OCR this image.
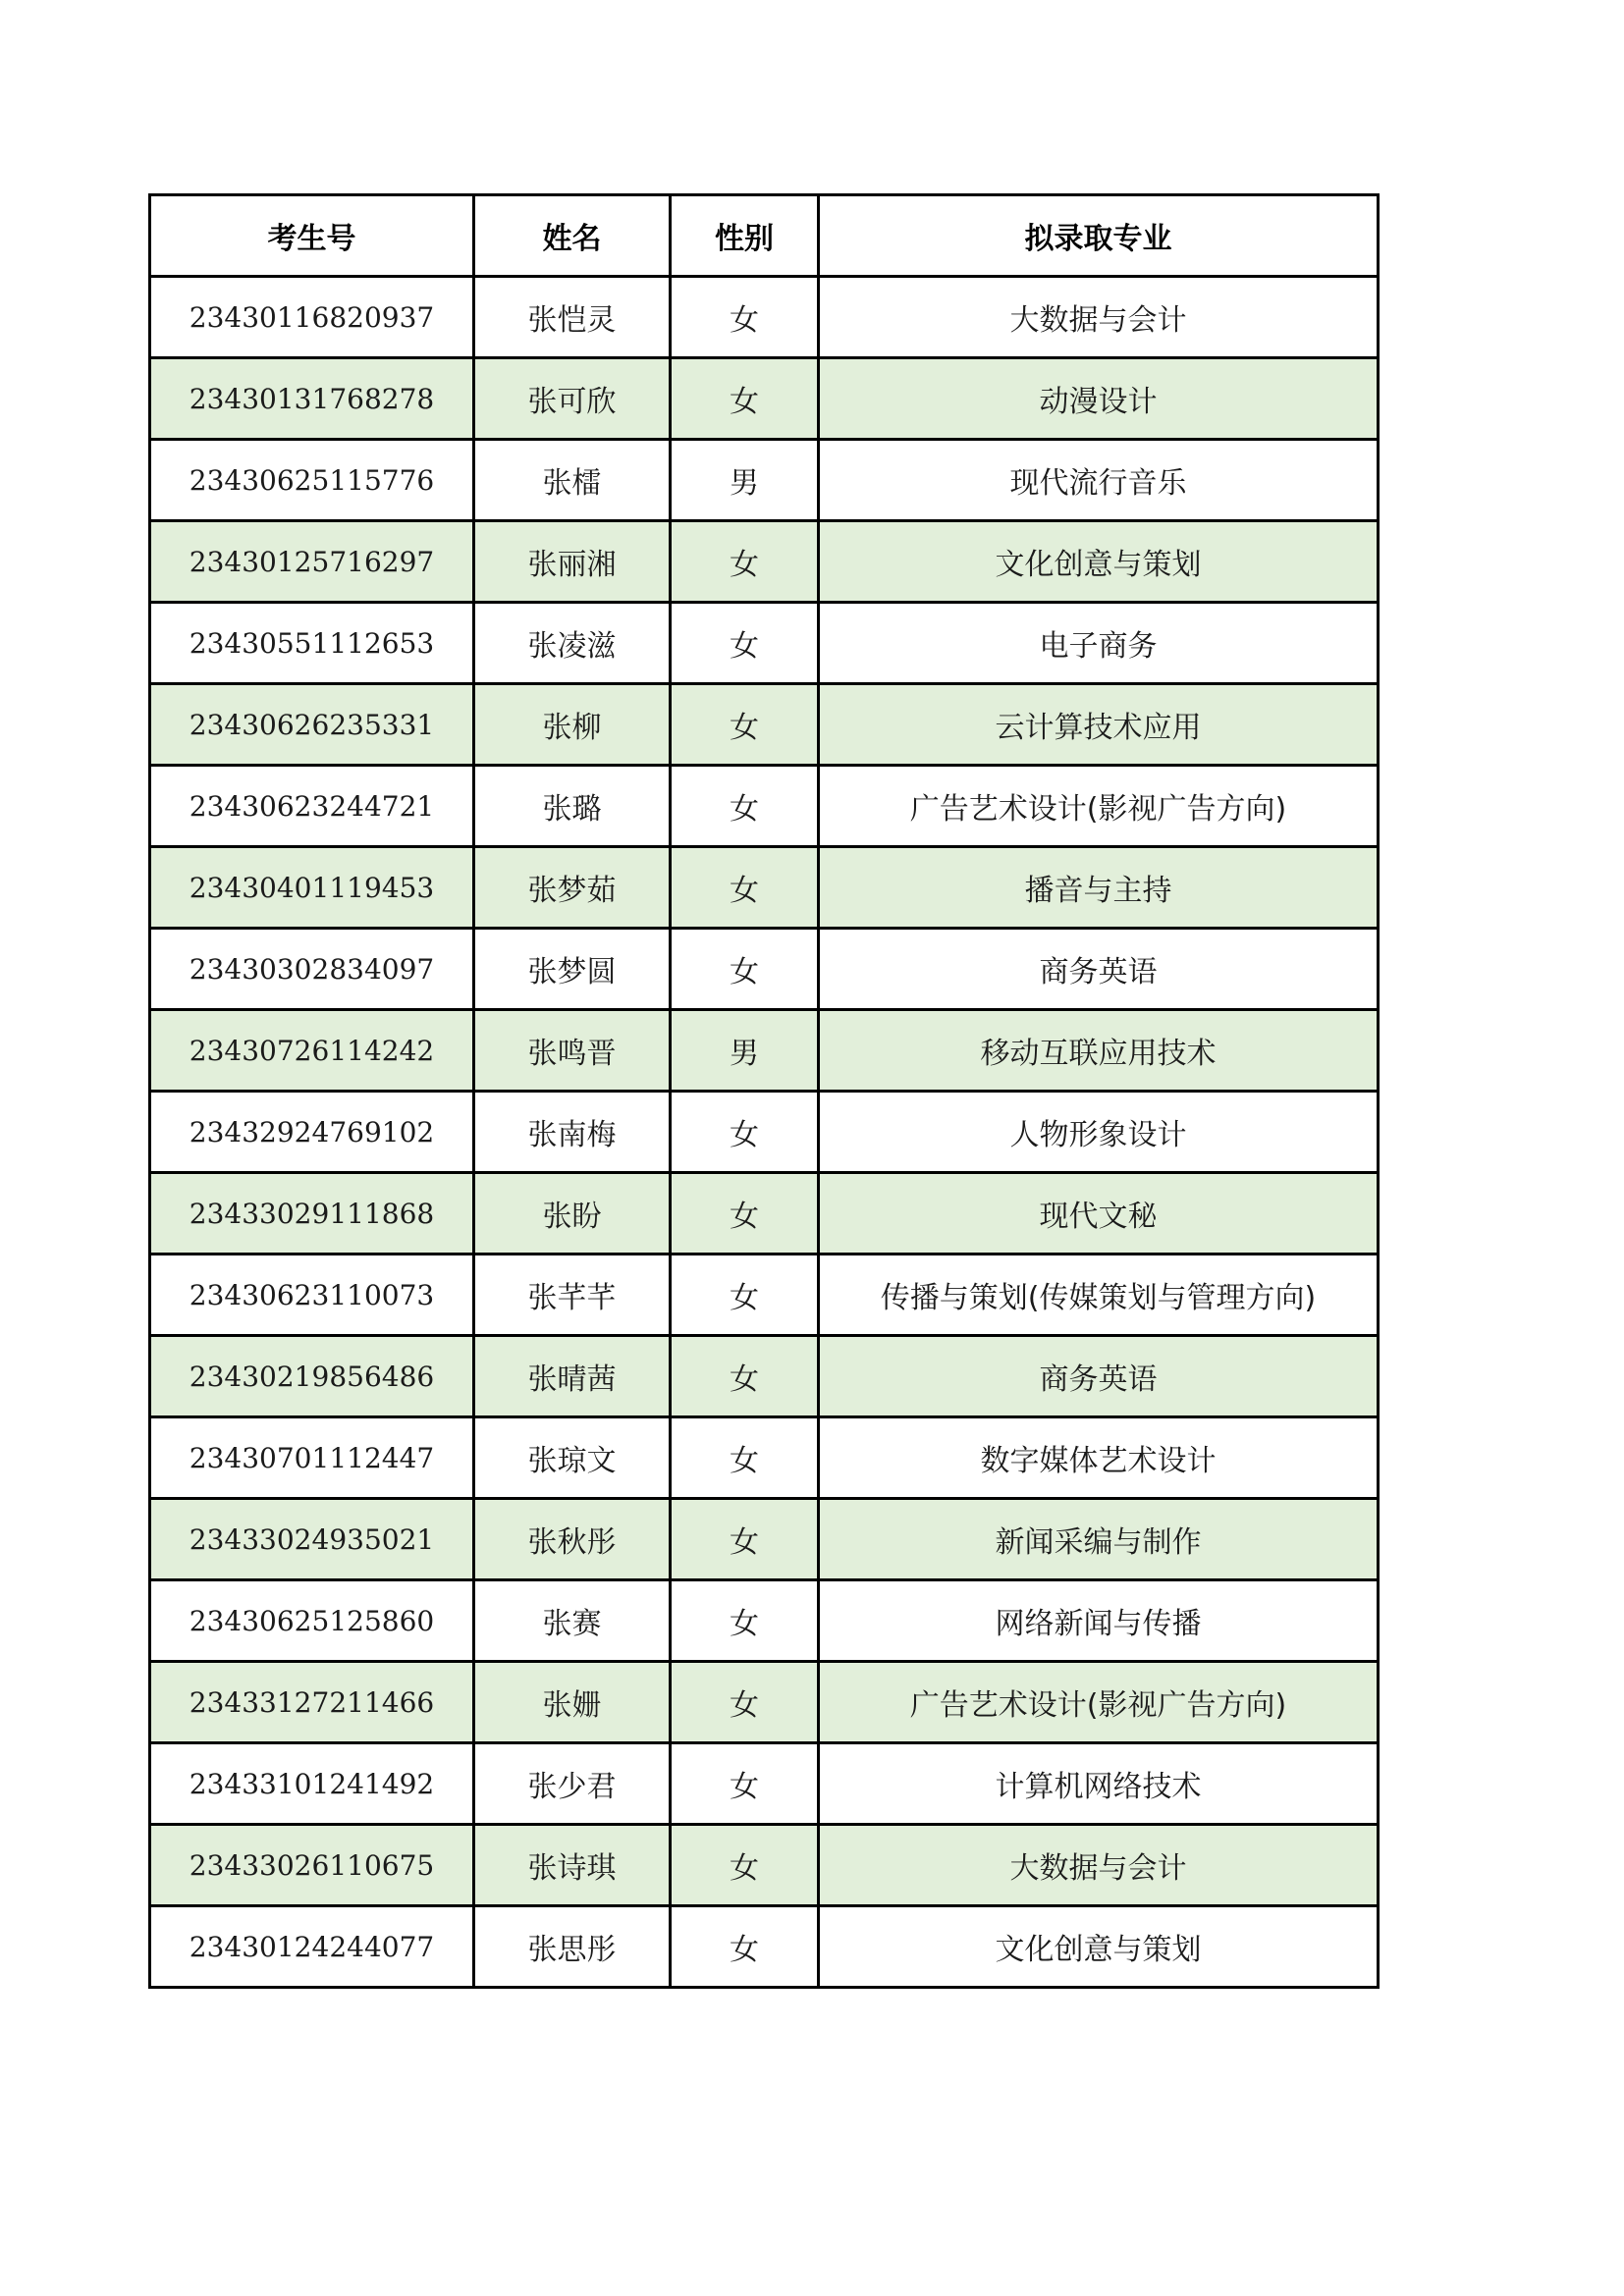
考生号	姓名	性别	拟录取专业
23430116820937	张恺灵	女	大数据与会计
23430131768278	张可欣	女	动漫设计
23430625115776	张檑	男	现代流行音乐
23430125716297	张丽湘	女	文化创意与策划
23430551112653	张凌滋	女	电子商务
23430626235331	张柳	女	云计算技术应用
23430623244721	张璐	女	广告艺术设计(影视广告方向)
23430401119453	张梦茹	女	播音与主持
23430302834097	张梦圆	女	商务英语
23430726114242	张鸣晋	男	移动互联应用技术
23432924769102	张南梅	女	人物形象设计
23433029111868	张盼	女	现代文秘
23430623110073	张芊芊	女	传播与策划(传媒策划与管理方向)
23430219856486	张晴茜	女	商务英语
23430701112447	张琼文	女	数字媒体艺术设计
23433024935021	张秋彤	女	新闻采编与制作
23430625125860	张赛	女	网络新闻与传播
23433127211466	张姗	女	广告艺术设计(影视广告方向)
23433101241492	张少君	女	计算机网络技术
23433026110675	张诗琪	女	大数据与会计
23430124244077	张思彤	女	文化创意与策划
